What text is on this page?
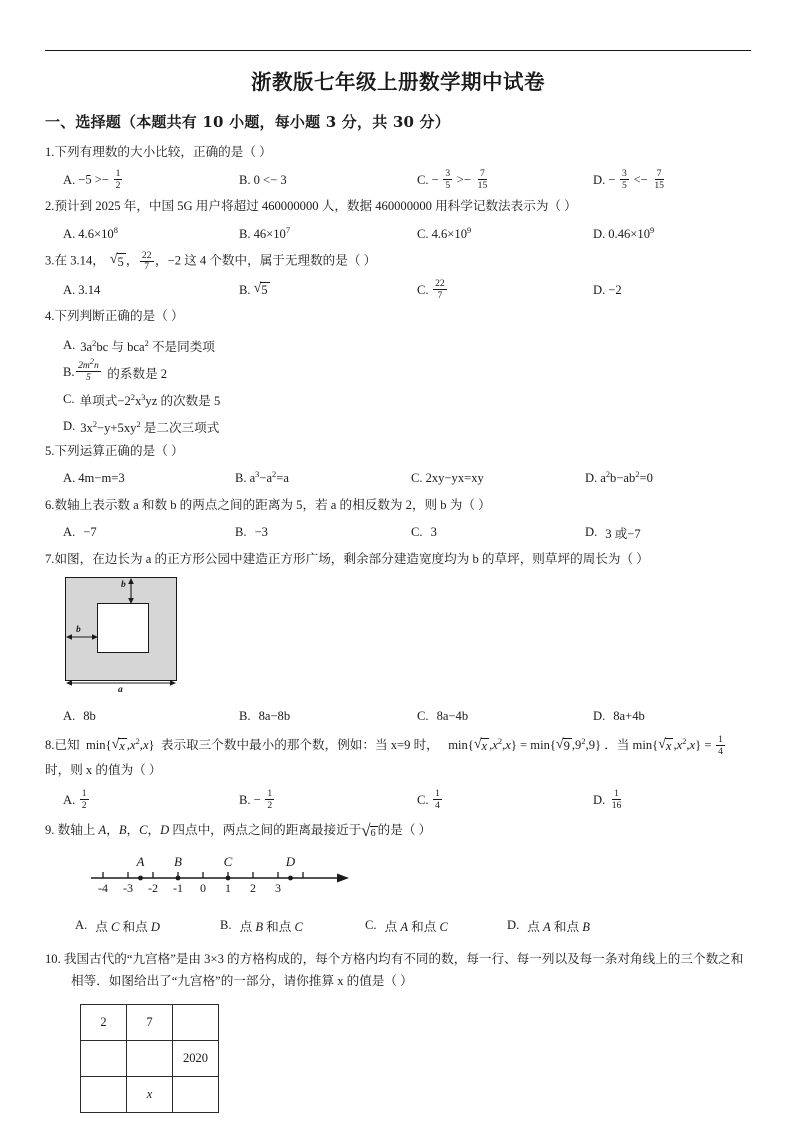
浙教版七年级上册数学期中试卷
一、选择题（本题共有 10 小题，每小题 3 分，共 30 分）
1.下列有理数的大小比较，正确的是（ ）
A. $-5 >- \frac{1}{2}$	B. 0 <− 3	C. − $\frac{3}{5} >- \frac{7}{15}$	D. − $\frac{3}{5} <- \frac{7}{15}$
2.预计到 2025 年，中国 5G 用户将超过 460000000 人，数据 460000000 用科学记数法表示为（ ）
A. $4.6\times 10^8$	B. $46\times 10^7$	C. $4.6\times 10^9$	D. $0.46\times 10^9$
3.在 3.14， √ 5 ， $\frac{22}{7}$ ，−2 这 4 个数中，属于无理数的是（ ）
A. 3.14	B. √ 5	C. $\frac{22}{7}$	D. −2
4.下列判断正确的是（ ）
A. $3a^2bc$ 与 bca$^2$ 不是同类项
B. $\frac{2m^2n}{5}$ 的系数是 2
C. 单项式$-2^2x^3yz$ 的次数是 5
D. $3x^2-y+5xy^2$ 是二次三项式
5.下列运算正确的是（ ）
A. 4m−m=3	B. $a^3-a^2=a$	C. 2xy−yx=xy	D. $a^2b-ab^2=0$
6.数轴上表示数 a 和数 b 的两点之间的距离为 5，若 a 的相反数为 2，则 b 为（ ）
A. −7	B. −3	C. 3	D. 3 或−7
7.如图，在边长为 a 的正方形公园中建造正方形广场，剩余部分建造宽度均为 b 的草坪，则草坪的周长为（ ）
b
b
a
A. 8b	B. 8a−8b	C. 8a−4b	D. 8a+4b
8.已知  min{ √ x $,x^2,x$}  表示取三个数中最小的那个数，例如：当 x=9 时，   min{ √ x $,x^2,x\} = \min${ √ 9 $,9^2,9$} ．当 min{ √ x $,x^2,x\} = \frac{1}{4}$
时，则 x 的值为（ ）
A. $\frac{1}{2}$	B. − $\frac{1}{2}$	C. $\frac{1}{4}$	D. $\frac{1}{16}$
9. 数轴上 A，B，C，D 四点中，两点之间的距离最接近于 √ 6 的是（ ）
A B	C	D
-4 -3 -2 -1 0 1 2 3
A. 点 C 和点 D	B. 点 B 和点 C	C. 点 A 和点 C	D. 点 A 和点 B
10. 我国古代的“九宫格”是由 3×3 的方格构成的，每个方格内均有不同的数，每一行、每一列以及每一条对角线上的三个数之和相等．如图给出了“九宫格”的一部分，请你推算 x 的值是（ ）
2	7	
		2020
	x	
